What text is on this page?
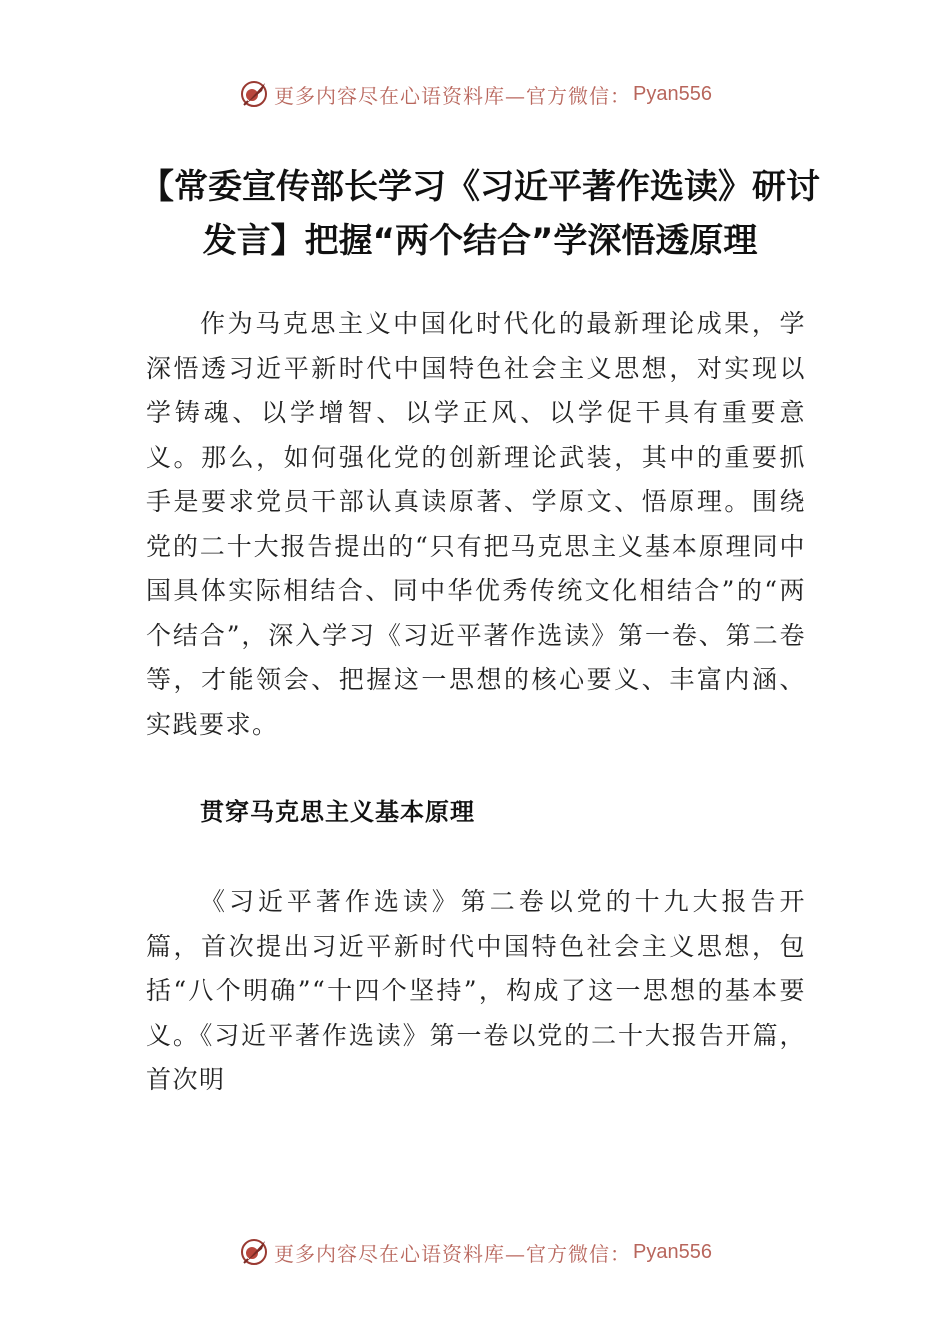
更多内容尽在心语资料库—官方微信： Pyan556
【常委宣传部长学习《习近平著作选读》研讨发言】把握“两个结合”学深悟透原理

作为马克思主义中国化时代化的最新理论成果，学深悟透习近平新时代中国特色社会主义思想，对实现以学铸魂、以学增智、以学正风、以学促干具有重要意义。那么，如何强化党的创新理论武装，其中的重要抓手是要求党员干部认真读原著、学原文、悟原理。围绕党的二十大报告提出的“只有把马克思主义基本原理同中国具体实际相结合、同中华优秀传统文化相结合”的“两个结合”，深入学习《习近平著作选读》第一卷、第二卷等，才能领会、把握这一思想的核心要义、丰富内涵、实践要求。

贯穿马克思主义基本原理

《习近平著作选读》第二卷以党的十九大报告开篇，首次提出习近平新时代中国特色社会主义思想，包括“八个明确”“十四个坚持”，构成了这一思想的基本要义。《习近平著作选读》第一卷以党的二十大报告开篇，首次明

更多内容尽在心语资料库—官方微信： Pyan556
